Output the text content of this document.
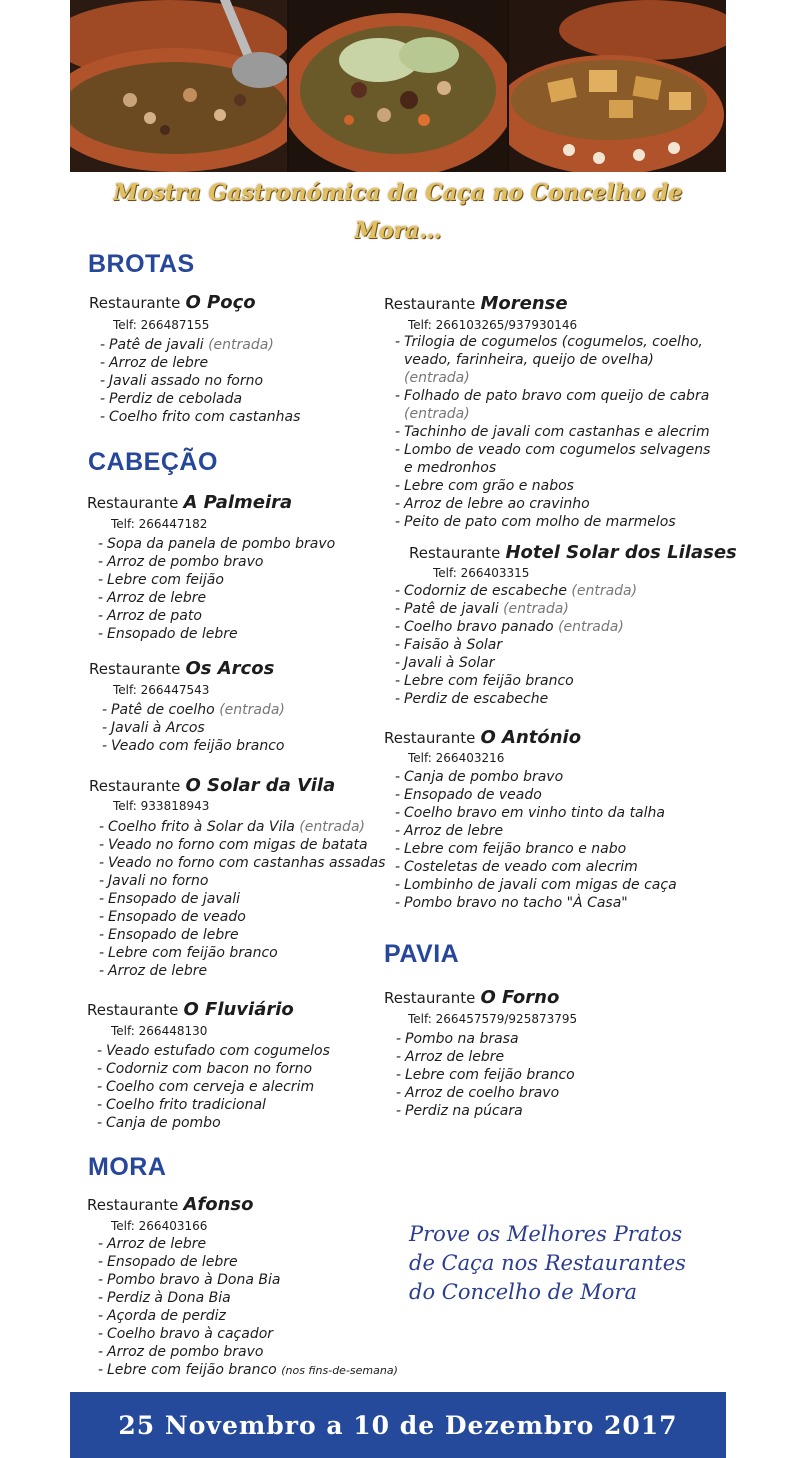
Mostra Gastronómica da Caça no Concelho de Mora…
BROTAS
Restaurante O Poço
Telf: 266487155
- Patê de javali (entrada)
- Arroz de lebre
- Javali assado no forno
- Perdiz de cebolada
- Coelho frito com castanhas
CABEÇÃO
Restaurante A Palmeira
Telf: 266447182
- Sopa da panela de pombo bravo
- Arroz de pombo bravo
- Lebre com feijão
- Arroz de lebre
- Arroz de pato
- Ensopado de lebre
Restaurante Os Arcos
Telf: 266447543
- Patê de coelho (entrada)
- Javali à Arcos
- Veado com feijão branco
Restaurante O Solar da Vila
Telf: 933818943
- Coelho frito à Solar da Vila (entrada)
- Veado no forno com migas de batata
- Veado no forno com castanhas assadas
- Javali no forno
- Ensopado de javali
- Ensopado de veado
- Ensopado de lebre
- Lebre com feijão branco
- Arroz de lebre
Restaurante O Fluviário
Telf: 266448130
- Veado estufado com cogumelos
- Codorniz com bacon no forno
- Coelho com cerveja e alecrim
- Coelho frito tradicional
- Canja de pombo
MORA
Restaurante Afonso
Telf: 266403166
- Arroz de lebre
- Ensopado de lebre
- Pombo bravo à Dona Bia
- Perdiz à Dona Bia
- Açorda de perdiz
- Coelho bravo à caçador
- Arroz de pombo bravo
- Lebre com feijão branco (nos fins-de-semana)
Restaurante Morense
Telf: 266103265/937930146
- Trilogia de cogumelos (cogumelos, coelho, veado, farinheira, queijo de ovelha) (entrada)
- Folhado de pato bravo com queijo de cabra (entrada)
- Tachinho de javali com castanhas e alecrim
- Lombo de veado com cogumelos selvagens e medronhos
- Lebre com grão e nabos
- Arroz de lebre ao cravinho
- Peito de pato com molho de marmelos
Restaurante Hotel Solar dos Lilases
Telf: 266403315
- Codorniz de escabeche (entrada)
- Patê de javali (entrada)
- Coelho bravo panado (entrada)
- Faisão à Solar
- Javali à Solar
- Lebre com feijão branco
- Perdiz de escabeche
Restaurante O António
Telf: 266403216
- Canja de pombo bravo
- Ensopado de veado
- Coelho bravo em vinho tinto da talha
- Arroz de lebre
- Lebre com feijão branco e nabo
- Costeletas de veado com alecrim
- Lombinho de javali com migas de caça
- Pombo bravo no tacho "À Casa"
PAVIA
Restaurante O Forno
Telf: 266457579/925873795
- Pombo na brasa
- Arroz de lebre
- Lebre com feijão branco
- Arroz de coelho bravo
- Perdiz na púcara
Prove os Melhores Pratos
de Caça nos Restaurantes
do Concelho de Mora
25 Novembro a 10 de Dezembro 2017
